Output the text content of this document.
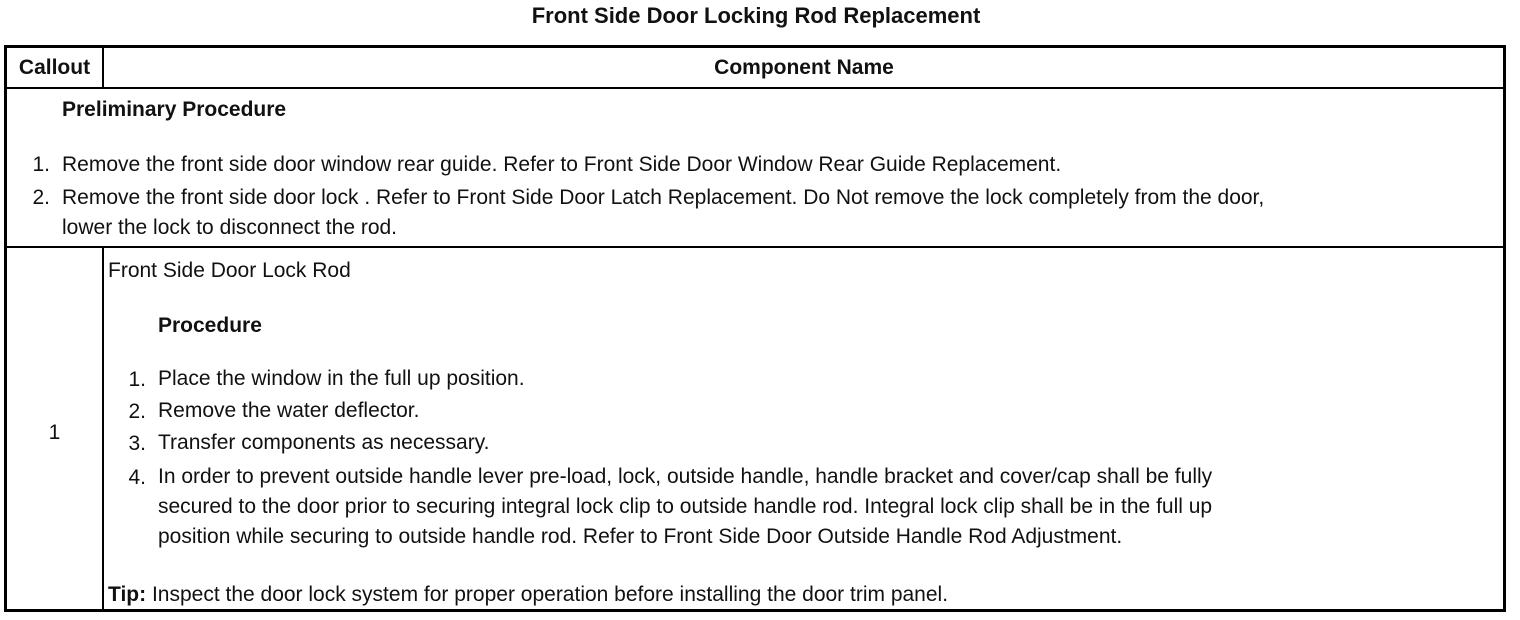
Front Side Door Locking Rod Replacement
Callout	Component Name
Preliminary Procedure
1. Remove the front side door window rear guide. Refer to Front Side Door Window Rear Guide Replacement.
2. Remove the front side door lock . Refer to Front Side Door Latch Replacement. Do Not remove the lock completely from the door,
lower the lock to disconnect the rod.
1
Front Side Door Lock Rod
Procedure
1. Place the window in the full up position.
2. Remove the water deflector.
3. Transfer components as necessary.
4. In order to prevent outside handle lever pre-load, lock, outside handle, handle bracket and cover/cap shall be fully
secured to the door prior to securing integral lock clip to outside handle rod. Integral lock clip shall be in the full up
position while securing to outside handle rod. Refer to Front Side Door Outside Handle Rod Adjustment.
Tip: Inspect the door lock system for proper operation before installing the door trim panel.
